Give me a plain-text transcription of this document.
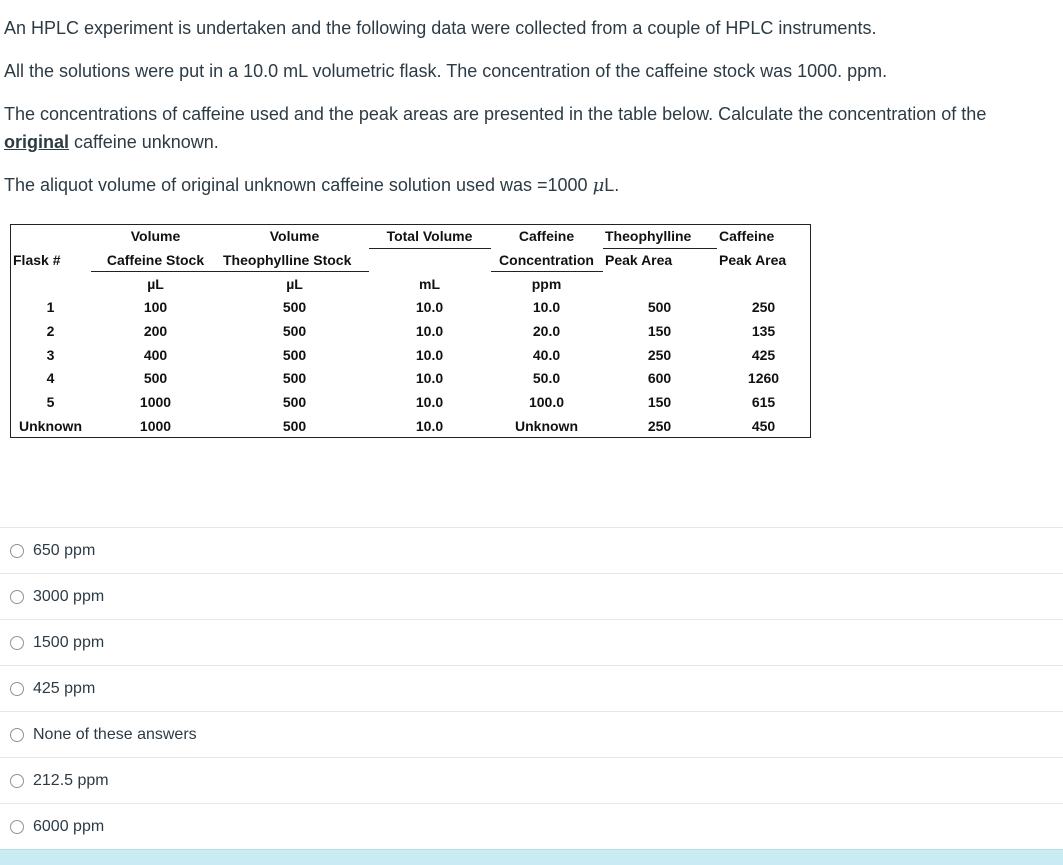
An HPLC experiment is undertaken and the following data were collected from a couple of HPLC instruments.

All the solutions were put in a 10.0 mL volumetric flask. The concentration of the caffeine stock was 1000. ppm.

The concentrations of caffeine used and the peak areas are presented in the table below. Calculate the concentration of the original caffeine unknown.

The aliquot volume of original unknown caffeine solution used was =1000 μL.

	Volume	Volume	Total Volume	Caffeine	Theophylline	Caffeine
Flask #	Caffeine Stock	Theophylline Stock		Concentration	Peak Area	Peak Area
	µL	µL	mL	ppm		
1	100	500	10.0	10.0	500	250
2	200	500	10.0	20.0	150	135
3	400	500	10.0	40.0	250	425
4	500	500	10.0	50.0	600	1260
5	1000	500	10.0	100.0	150	615
Unknown	1000	500	10.0	Unknown	250	450
650 ppm
3000 ppm
1500 ppm
425 ppm
None of these answers
212.5 ppm
6000 ppm
